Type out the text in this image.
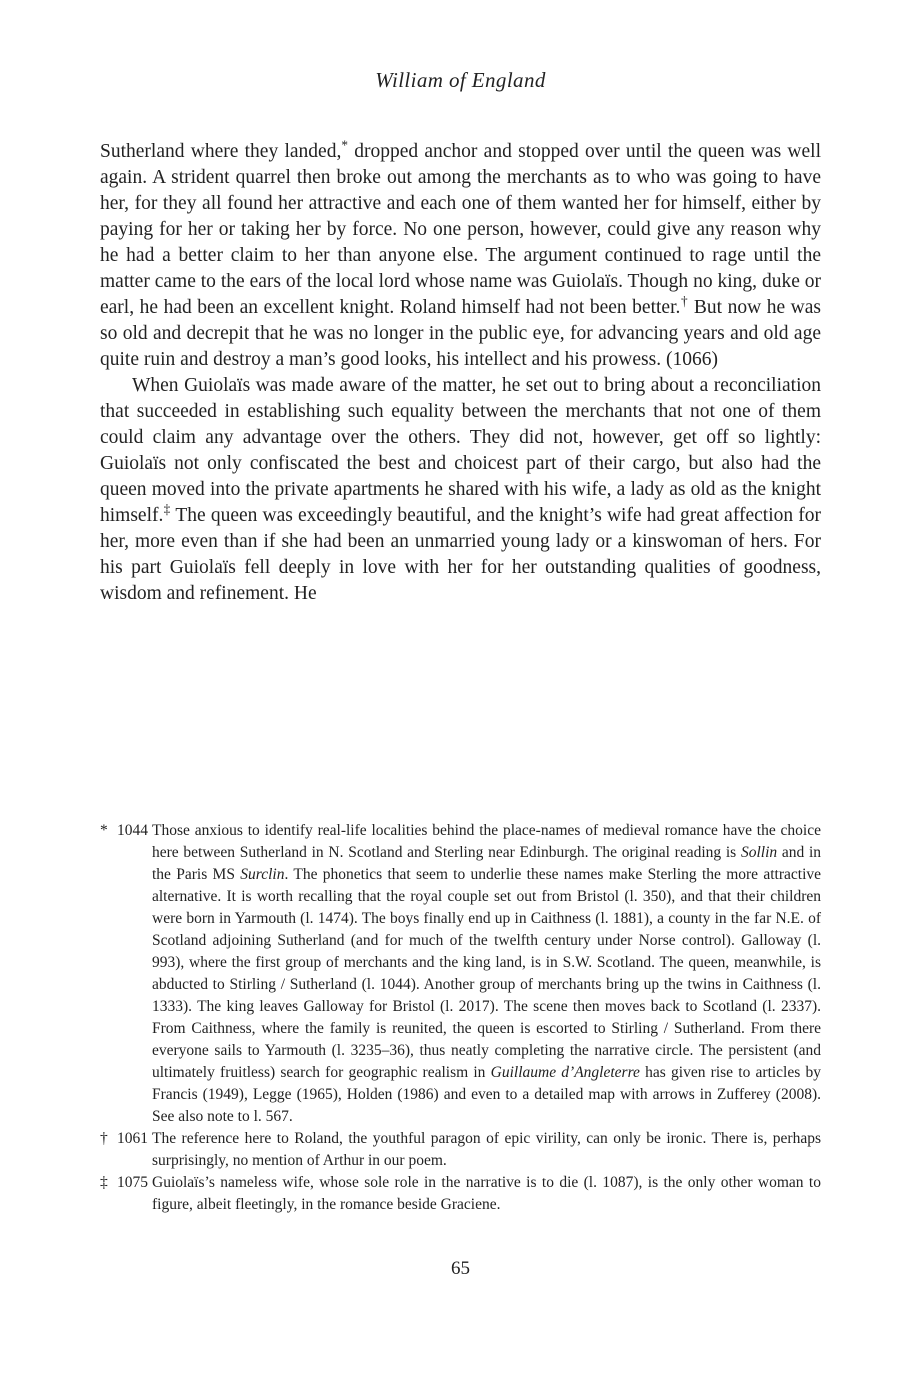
William of England

Sutherland where they landed,* dropped anchor and stopped over until the queen was well again. A strident quarrel then broke out among the merchants as to who was going to have her, for they all found her attractive and each one of them wanted her for himself, either by paying for her or taking her by force. No one person, however, could give any reason why he had a better claim to her than anyone else. The argument continued to rage until the matter came to the ears of the local lord whose name was Guiolaïs. Though no king, duke or earl, he had been an excellent knight. Roland himself had not been better.† But now he was so old and decrepit that he was no longer in the public eye, for advancing years and old age quite ruin and destroy a man’s good looks, his intellect and his prowess. (1066)

When Guiolaïs was made aware of the matter, he set out to bring about a reconciliation that succeeded in establishing such equality between the merchants that not one of them could claim any advantage over the others. They did not, however, get off so lightly: Guiolaïs not only confiscated the best and choicest part of their cargo, but also had the queen moved into the private apartments he shared with his wife, a lady as old as the knight himself.‡ The queen was exceedingly beautiful, and the knight’s wife had great affection for her, more even than if she had been an unmarried young lady or a kinswoman of hers. For his part Guiolaïs fell deeply in love with her for her outstanding qualities of goodness, wisdom and refinement. He

* 1044 Those anxious to identify real-life localities behind the place-names of medieval romance have the choice here between Sutherland in N. Scotland and Sterling near Edinburgh. The original reading is Sollin and in the Paris MS Surclin. The phonetics that seem to underlie these names make Sterling the more attractive alternative. It is worth recalling that the royal couple set out from Bristol (l. 350), and that their children were born in Yarmouth (l. 1474). The boys finally end up in Caithness (l. 1881), a county in the far N.E. of Scotland adjoining Sutherland (and for much of the twelfth century under Norse control). Galloway (l. 993), where the first group of merchants and the king land, is in S.W. Scotland. The queen, meanwhile, is abducted to Stirling / Sutherland (l. 1044). Another group of merchants bring up the twins in Caithness (l. 1333). The king leaves Galloway for Bristol (l. 2017). The scene then moves back to Scotland (l. 2337). From Caithness, where the family is reunited, the queen is escorted to Stirling / Sutherland. From there everyone sails to Yarmouth (l. 3235–36), thus neatly completing the narrative circle. The persistent (and ultimately fruitless) search for geographic realism in Guillaume d’Angleterre has given rise to articles by Francis (1949), Legge (1965), Holden (1986) and even to a detailed map with arrows in Zufferey (2008). See also note to l. 567.
† 1061 The reference here to Roland, the youthful paragon of epic virility, can only be ironic. There is, perhaps surprisingly, no mention of Arthur in our poem.
‡ 1075 Guiolaïs’s nameless wife, whose sole role in the narrative is to die (l. 1087), is the only other woman to figure, albeit fleetingly, in the romance beside Graciene.
65
